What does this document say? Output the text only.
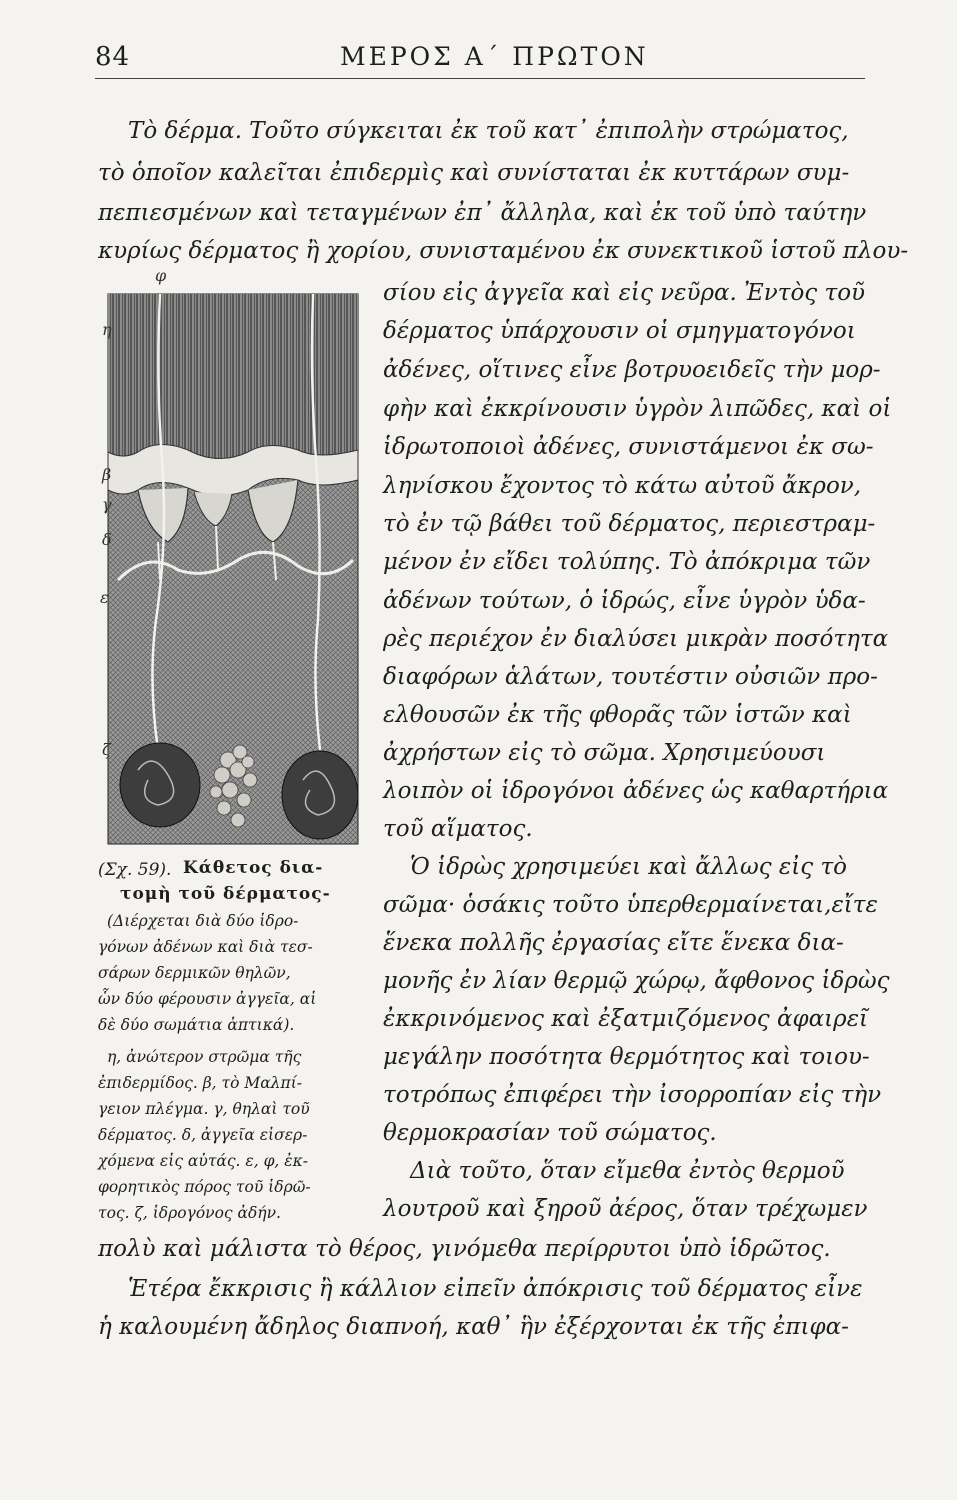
84	ΜΕΡΟΣ Α΄ ΠΡΩΤΟΝ
Τὸ δέρμα. Τοῦτο σύγκειται ἐκ τοῦ κατ᾽ ἐπιπολὴν στρώματος,
τὸ ὁποῖον καλεῖται ἐπιδερμὶς καὶ συνίσταται ἐκ κυττάρων συμ-
πεπιεσμένων καὶ τεταγμένων ἐπ᾽ ἄλληλα, καὶ ἐκ τοῦ ὑπὸ ταύτην
κυρίως δέρματος ἢ χορίου, συνισταμένου ἐκ συνεκτικοῦ ἱστοῦ πλου-
φ
η
β
γ
δ
ε
ζ
σίου εἰς ἀγγεῖα καὶ εἰς νεῦρα. Ἐντὸς τοῦ
δέρματος ὑπάρχουσιν οἱ σμηγματογόνοι
ἀδένες, οἵτινες εἶνε βοτρυοειδεῖς τὴν μορ-
φὴν καὶ ἐκκρίνουσιν ὑγρὸν λιπῶδες, καὶ οἱ
ἱδρωτοποιοὶ ἀδένες, συνιστάμενοι ἐκ σω-
ληνίσκου ἔχοντος τὸ κάτω αὐτοῦ ἄκρον,
τὸ ἐν τῷ βάθει τοῦ δέρματος, περιεστραμ-
μένον ἐν εἴδει τολύπης. Τὸ ἀπόκριμα τῶν
ἀδένων τούτων, ὁ ἱδρώς, εἶνε ὑγρὸν ὑδα-
ρὲς περιέχον ἐν διαλύσει μικρὰν ποσότητα
διαφόρων ἁλάτων, τουτέστιν οὐσιῶν προ-
ελθουσῶν ἐκ τῆς φθορᾶς τῶν ἱστῶν καὶ
ἀχρήστων εἰς τὸ σῶμα. Χρησιμεύουσι
λοιπὸν οἱ ἱδρογόνοι ἀδένες ὡς καθαρτήρια
τοῦ αἵματος.
Ὁ ἱδρὼς χρησιμεύει καὶ ἄλλως εἰς τὸ
σῶμα· ὁσάκις τοῦτο ὑπερθερμαίνεται,εἴτε
ἕνεκα πολλῆς ἐργασίας εἴτε ἕνεκα δια-
μονῆς ἐν λίαν θερμῷ χώρῳ, ἄφθονος ἱδρὼς
ἐκκρινόμενος καὶ ἐξατμιζόμενος ἀφαιρεῖ
μεγάλην ποσότητα θερμότητος καὶ τοιου-
τοτρόπως ἐπιφέρει τὴν ἰσορροπίαν εἰς τὴν
θερμοκρασίαν τοῦ σώματος.
Διὰ τοῦτο, ὅταν εἴμεθα ἐντὸς θερμοῦ
λουτροῦ καὶ ξηροῦ ἀέρος, ὅταν τρέχωμεν
(Σχ. 59). Κάθετος δια-
τομὴ τοῦ δέρματος-
(Διέρχεται διὰ δύο ἱδρο-
γόνων ἀδένων καὶ διὰ τεσ-
σάρων δερμικῶν θηλῶν,
ὧν δύο φέρουσιν ἀγγεῖα, αἱ
δὲ δύο σωμάτια ἁπτικά).
η, ἀνώτερον στρῶμα τῆς
ἐπιδερμίδος. β, τὸ Μαλπί-
γειον πλέγμα. γ, θηλαὶ τοῦ
δέρματος. δ, ἀγγεῖα εἰσερ-
χόμενα εἰς αὐτάς. ε, φ, ἐκ-
φορητικὸς πόρος τοῦ ἱδρῶ-
τος. ζ, ἱδρογόνος ἀδήν.
πολὺ καὶ μάλιστα τὸ θέρος, γινόμεθα περίρρυτοι ὑπὸ ἱδρῶτος.
Ἑτέρα ἔκκρισις ἢ κάλλιον εἰπεῖν ἀπόκρισις τοῦ δέρματος εἶνε
ἡ καλουμένη ἄδηλος διαπνοή, καθ᾽ ἣν ἐξέρχονται ἐκ τῆς ἐπιφα-
